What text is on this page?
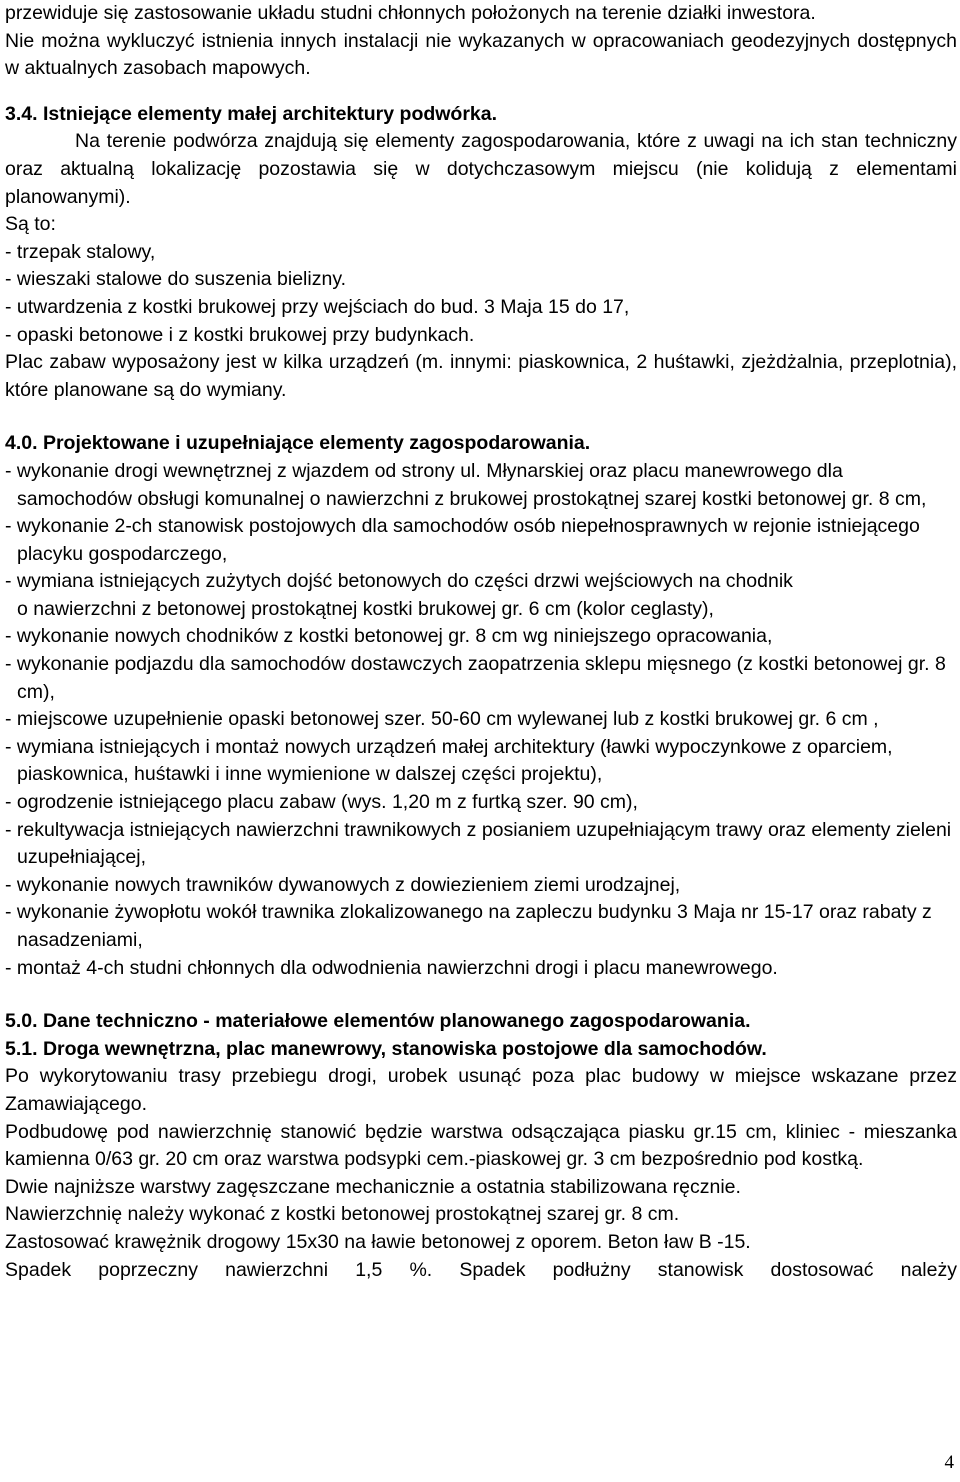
przewiduje się zastosowanie układu studni chłonnych położonych na terenie działki inwestora.

Nie można wykluczyć istnienia innych instalacji nie wykazanych w opracowaniach geodezyjnych dostępnych w aktualnych zasobach mapowych.

3.4. Istniejące elementy małej architektury podwórka.

Na terenie podwórza znajdują się elementy zagospodarowania, które z uwagi na ich stan techniczny oraz aktualną lokalizację pozostawia się w dotychczasowym miejscu (nie kolidują z elementami planowanymi).

Są to:

- trzepak stalowy,

- wieszaki stalowe do suszenia bielizny.

- utwardzenia z kostki brukowej przy wejściach do bud. 3 Maja 15 do 17,

- opaski betonowe i z kostki brukowej przy budynkach.

Plac zabaw wyposażony jest w kilka urządzeń (m. innymi: piaskownica, 2 huśtawki, zjeżdżalnia, przeplotnia), które planowane są do wymiany.

4.0. Projektowane i uzupełniające elementy zagospodarowania.

- wykonanie drogi wewnętrznej z wjazdem od strony ul. Młynarskiej oraz placu manewrowego dla samochodów obsługi komunalnej o nawierzchni z brukowej prostokątnej szarej kostki betonowej gr. 8 cm,

- wykonanie 2-ch stanowisk postojowych dla samochodów osób niepełnosprawnych w rejonie istniejącego placyku gospodarczego,

- wymiana istniejących zużytych dojść betonowych do części drzwi wejściowych na chodnik

o nawierzchni z betonowej prostokątnej kostki brukowej gr. 6 cm (kolor ceglasty),

- wykonanie nowych chodników z kostki betonowej gr. 8 cm wg niniejszego opracowania,

- wykonanie podjazdu dla samochodów dostawczych zaopatrzenia sklepu mięsnego (z kostki betonowej gr. 8 cm),

- miejscowe uzupełnienie opaski betonowej szer. 50-60 cm wylewanej lub z kostki brukowej gr. 6 cm ,

- wymiana istniejących i montaż nowych urządzeń małej architektury (ławki wypoczynkowe z oparciem, piaskownica, huśtawki i inne wymienione w dalszej części projektu),

- ogrodzenie istniejącego placu zabaw (wys. 1,20 m z furtką szer. 90 cm),

- rekultywacja istniejących nawierzchni trawnikowych z posianiem uzupełniającym trawy oraz elementy zieleni uzupełniającej,

- wykonanie nowych trawników dywanowych z dowiezieniem ziemi urodzajnej,

- wykonanie żywopłotu wokół trawnika zlokalizowanego na zapleczu budynku 3 Maja nr 15-17 oraz rabaty z nasadzeniami,

- montaż 4-ch studni chłonnych dla odwodnienia nawierzchni drogi i placu manewrowego.

5.0. Dane techniczno - materiałowe elementów planowanego zagospodarowania.
5.1. Droga wewnętrzna, plac manewrowy, stanowiska postojowe dla samochodów.

Po wykorytowaniu trasy przebiegu drogi, urobek usunąć poza plac budowy w miejsce wskazane przez Zamawiającego.

Podbudowę pod nawierzchnię stanowić będzie warstwa odsączająca piasku gr.15 cm, kliniec - mieszanka kamienna 0/63 gr. 20 cm oraz warstwa podsypki cem.-piaskowej gr. 3 cm bezpośrednio pod kostką.

Dwie najniższe warstwy zagęszczane mechanicznie a ostatnia stabilizowana ręcznie.

Nawierzchnię należy wykonać z kostki betonowej prostokątnej szarej gr. 8 cm.

Zastosować krawężnik drogowy 15x30 na ławie betonowej z oporem. Beton ław B -15.

Spadek poprzeczny nawierzchni 1,5 %. Spadek podłużny stanowisk dostosować należy

4
